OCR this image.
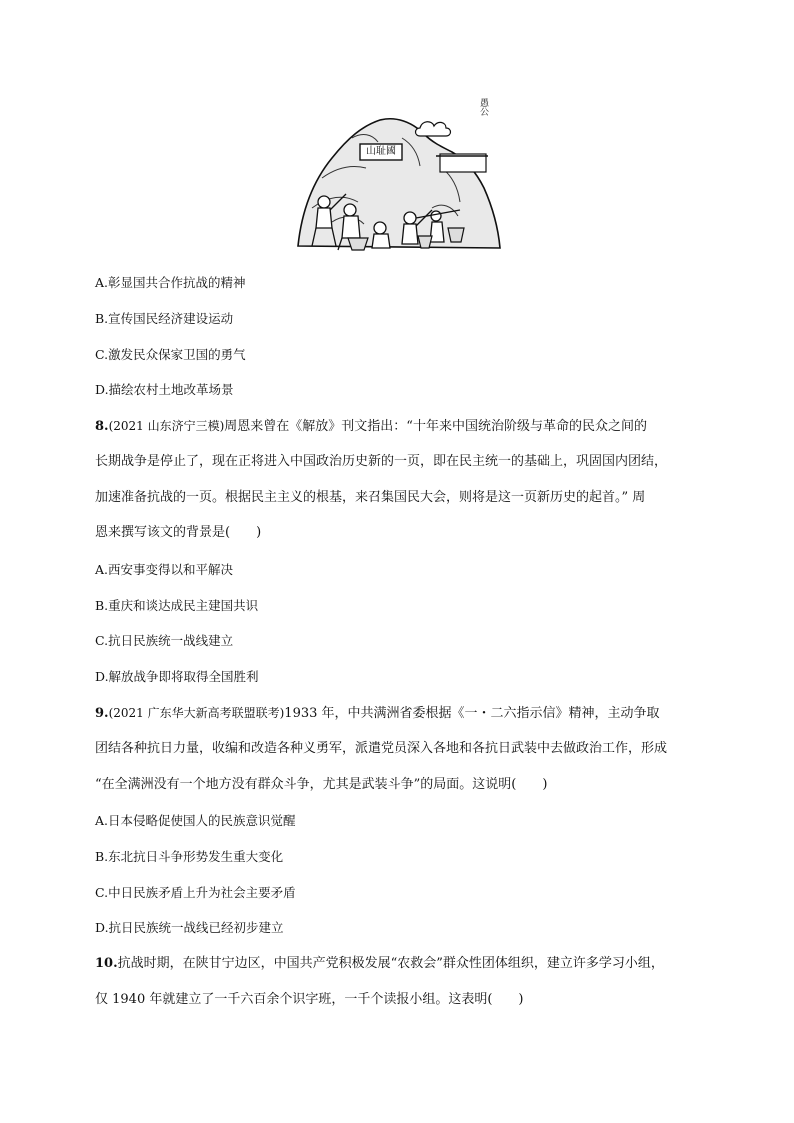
山耻國
愚公
A.彰显国共合作抗战的精神
B.宣传国民经济建设运动
C.激发民众保家卫国的勇气
D.描绘农村土地改革场景
8.(2021 山东济宁三模)周恩来曾在《解放》刊文指出：“十年来中国统治阶级与革命的民众之间的
长期战争是停止了，现在正将进入中国政治历史新的一页，即在民主统一的基础上，巩固国内团结，
加速准备抗战的一页。根据民主主义的根基，来召集国民大会，则将是这一页新历史的起首。” 周
恩来撰写该文的背景是(　　)
A.西安事变得以和平解决
B.重庆和谈达成民主建国共识
C.抗日民族统一战线建立
D.解放战争即将取得全国胜利
9.(2021 广东华大新高考联盟联考)1933 年，中共满洲省委根据《一・二六指示信》精神，主动争取
团结各种抗日力量，收编和改造各种义勇军，派遣党员深入各地和各抗日武装中去做政治工作，形成
“在全满洲没有一个地方没有群众斗争，尤其是武装斗争”的局面。这说明(　　)
A.日本侵略促使国人的民族意识觉醒
B.东北抗日斗争形势发生重大变化
C.中日民族矛盾上升为社会主要矛盾
D.抗日民族统一战线已经初步建立
10.抗战时期，在陕甘宁边区，中国共产党积极发展“农救会”群众性团体组织，建立许多学习小组，
仅 1940 年就建立了一千六百余个识字班，一千个读报小组。这表明(　　)
